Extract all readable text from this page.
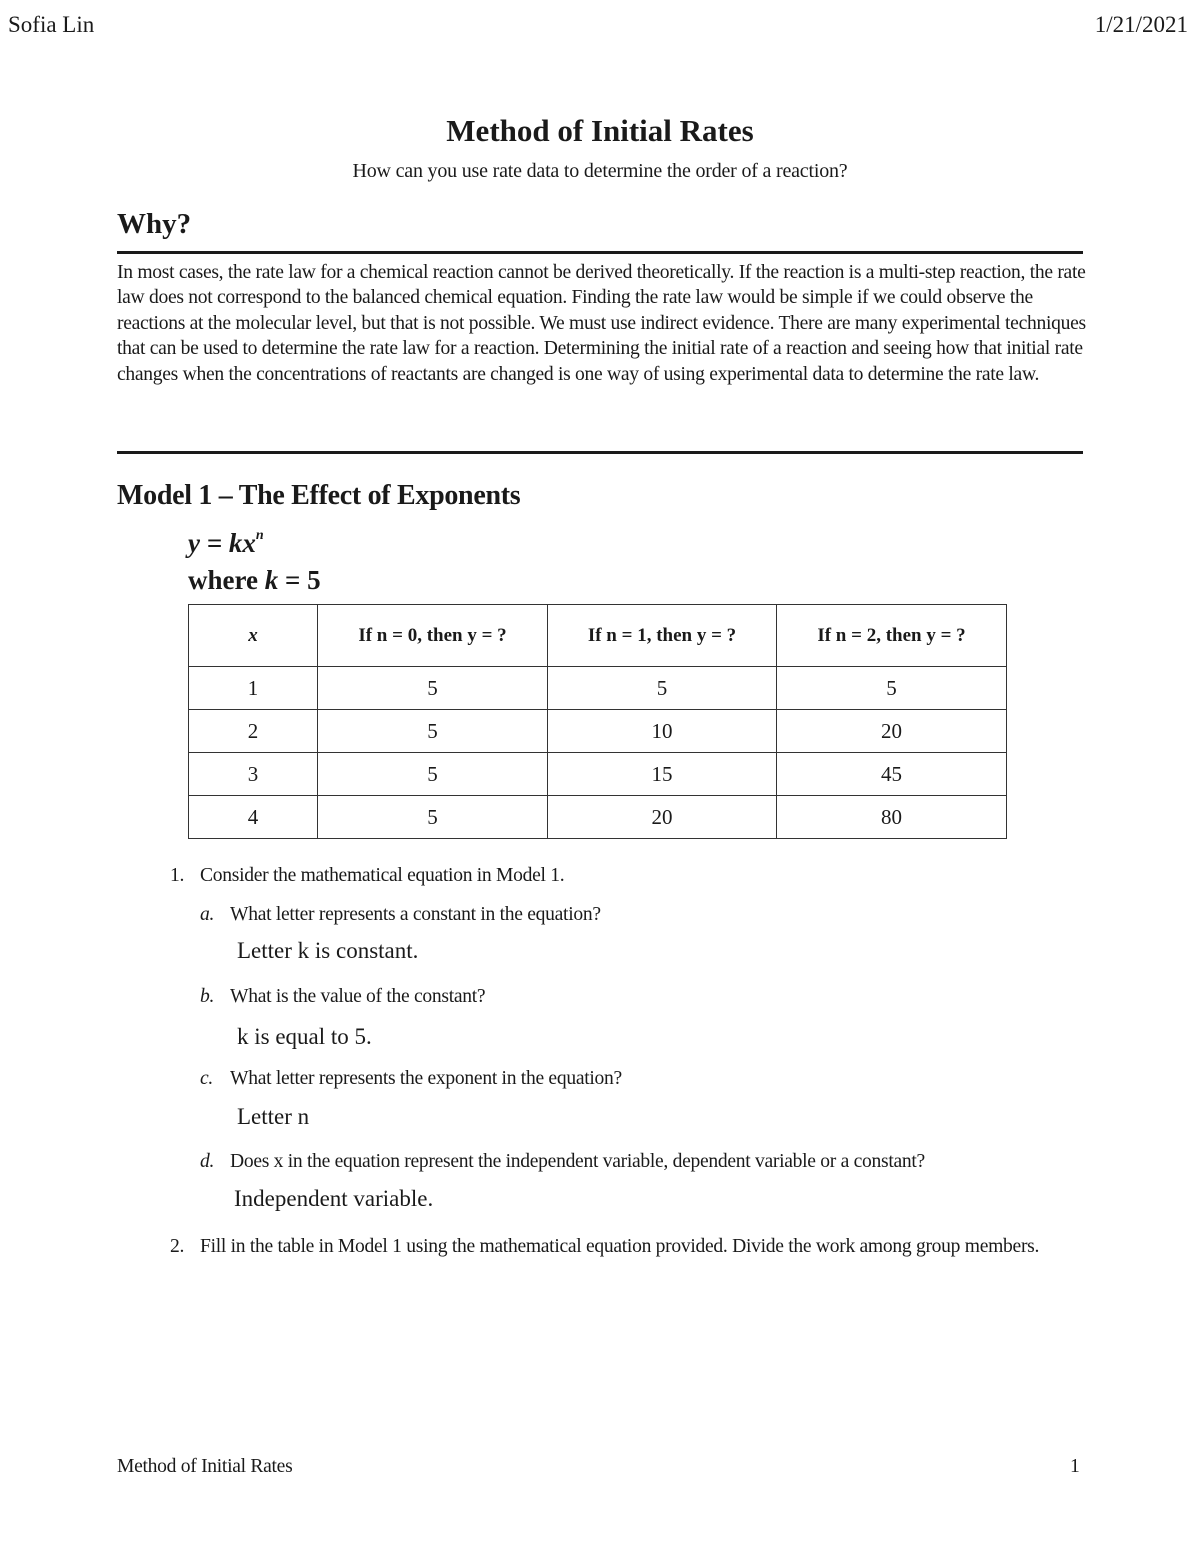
Sofia Lin	1/21/2021
Method of Initial Rates
How can you use rate data to determine the order of a reaction?
Why?
In most cases, the rate law for a chemical reaction cannot be derived theoretically. If the reaction is a multi-step reaction, the rate law does not correspond to the balanced chemical equation. Finding the rate law would be simple if we could observe the reactions at the molecular level, but that is not possible. We must use indirect evidence. There are many experimental techniques that can be used to determine the rate law for a reaction. Determining the initial rate of a reaction and seeing how that initial rate changes when the concentrations of reactants are changed is one way of using experimental data to determine the rate law.
Model 1 – The Effect of Exponents
$y = kx^n$
where k = 5
x	If n = 0, then y = ?	If n = 1, then y = ?	If n = 2, then y = ?
1	5	5	5
2	5	10	20
3	5	15	45
4	5	20	80
1. Consider the mathematical equation in Model 1.
a. What letter represents a constant in the equation?
Letter k is constant.
b. What is the value of the constant?
k is equal to 5.
c. What letter represents the exponent in the equation?
Letter n
d. Does x in the equation represent the independent variable, dependent variable or a constant?
Independent variable.
2. Fill in the table in Model 1 using the mathematical equation provided. Divide the work among group members.
Method of Initial Rates	1
